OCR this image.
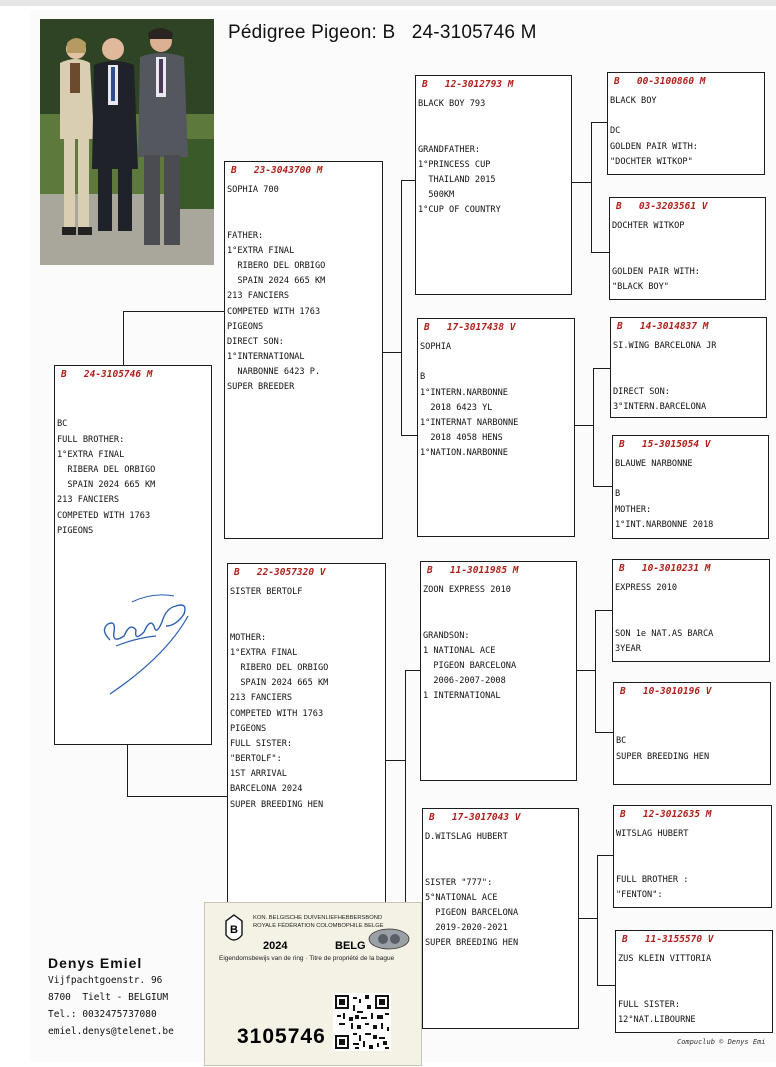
Pédigree Pigeon: B   24-3105746 M
B   24-3105746 M
BC
FULL BROTHER:
1°EXTRA FINAL
RIBERA DEL ORBIGO
SPAIN 2024 665 KM
213 FANCIERS
COMPETED WITH 1763
PIGEONS
B   23-3043700 M
SOPHIA 700
FATHER:
1°EXTRA FINAL
RIBERO DEL ORBIGO
SPAIN 2024 665 KM
213 FANCIERS
COMPETED WITH 1763
PIGEONS
DIRECT SON:
1°INTERNATIONAL
NARBONNE 6423 P.
SUPER BREEDER
B   22-3057320 V
SISTER BERTOLF
MOTHER:
1°EXTRA FINAL
RIBERO DEL ORBIGO
SPAIN 2024 665 KM
213 FANCIERS
COMPETED WITH 1763
PIGEONS
FULL SISTER:
"BERTOLF":
1ST ARRIVAL
BARCELONA 2024
SUPER BREEDING HEN
B   12-3012793 M
BLACK BOY 793
GRANDFATHER:
1°PRINCESS CUP
THAILAND 2015
500KM
1°CUP OF COUNTRY
B   17-3017438 V
SOPHIA
B
1°INTERN.NARBONNE
2018 6423 YL
1°INTERNAT NARBONNE
2018 4058 HENS
1°NATION.NARBONNE
B   11-3011985 M
ZOON EXPRESS 2010
GRANDSON:
1 NATIONAL ACE
PIGEON BARCELONA
2006-2007-2008
1 INTERNATIONAL
B   17-3017043 V
D.WITSLAG HUBERT
SISTER "777":
5°NATIONAL ACE
PIGEON BARCELONA
2019-2020-2021
SUPER BREEDING HEN
B   00-3100860 M
BLACK BOY
DC
GOLDEN PAIR WITH:
"DOCHTER WITKOP"
B   03-3203561 V
DOCHTER WITKOP
GOLDEN PAIR WITH:
"BLACK BOY"
B   14-3014837 M
SI.WING BARCELONA JR
DIRECT SON:
3°INTERN.BARCELONA
B   15-3015054 V
BLAUWE NARBONNE
B
MOTHER:
1°INT.NARBONNE 2018
B   10-3010231 M
EXPRESS 2010
SON 1e NAT.AS BARCA
3YEAR
B   10-3010196 V
BC
SUPER BREEDING HEN
B   12-3012635 M
WITSLAG HUBERT
FULL BROTHER :
"FENTON":
B   11-3155570 V
ZUS KLEIN VITTORIA
FULL SISTER:
12°NAT.LIBOURNE
Denys Emiel
Vijfpachtgoenstr. 96
8700  Tielt - BELGIUM
Tel.: 0032475737080
emiel.denys@telenet.be
Compuclub © Denys Emi
B
KON. BELGISCHE DUIVENLIEFHEBBERSBOND
ROYALE FÉDÉRATION COLOMBOPHILE BELGE
2024	BELG
Eigendomsbewijs van de ring · Titre de propriété de la bague
3105746
